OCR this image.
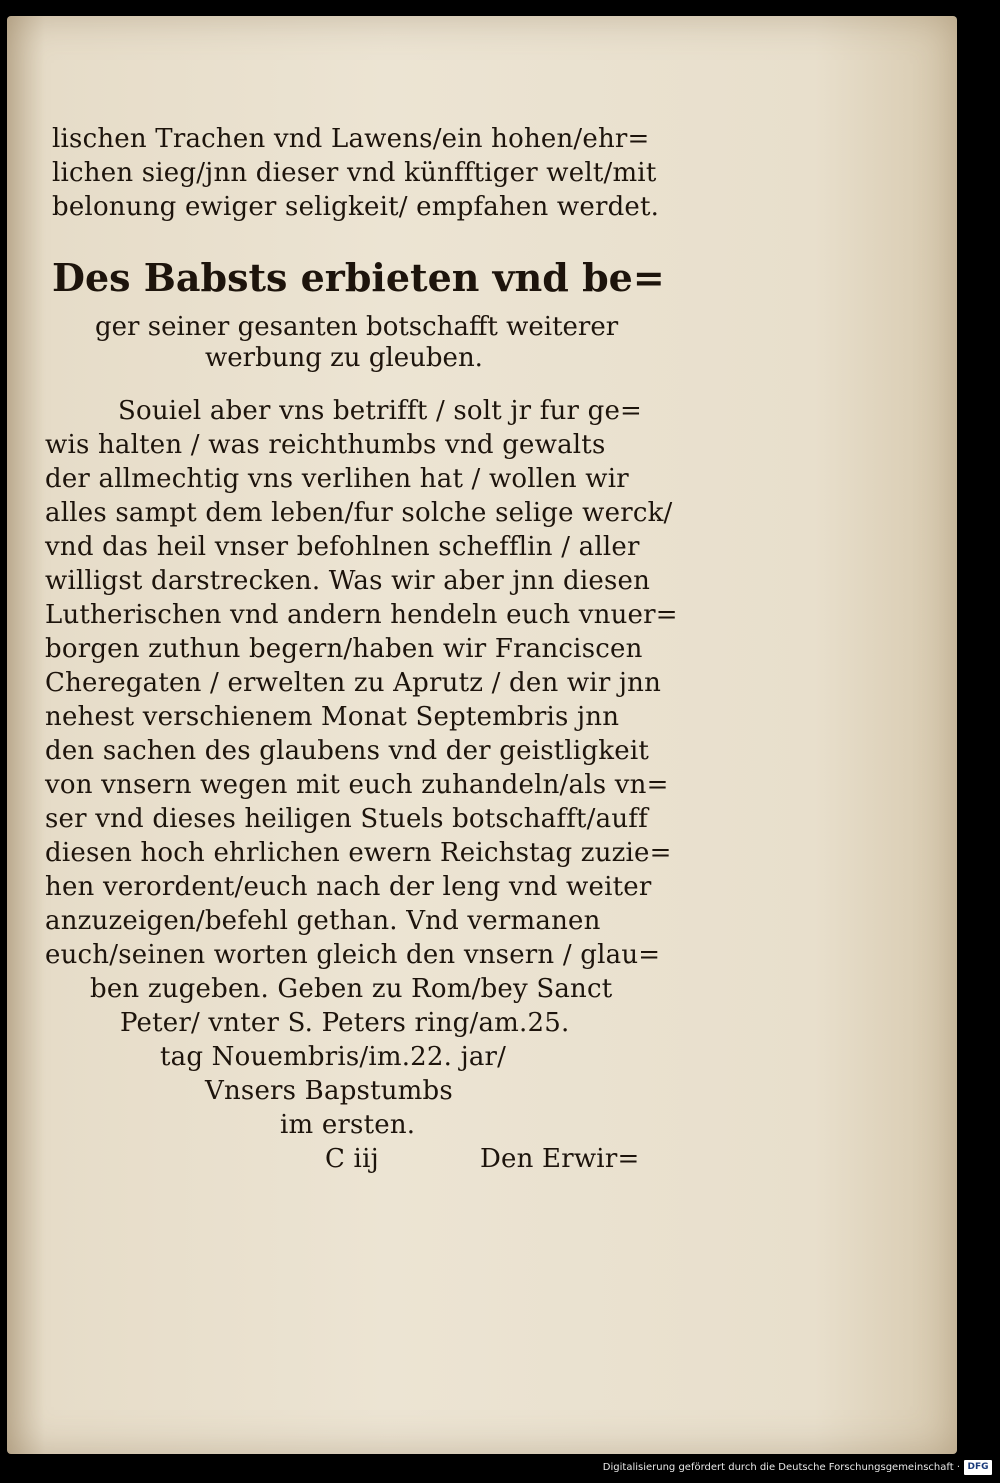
lischen Trachen vnd Lawens/ein hohen/ehr=
lichen sieg/jnn dieser vnd künfftiger welt/mit
belonung ewiger seligkeit/ empfahen werdet.
Des Babsts erbieten vnd be=
ger seiner gesanten botschafft weiterer
werbung zu gleuben.
Souiel aber vns betrifft / solt jr fur ge=
wis halten / was reichthumbs vnd gewalts
der allmechtig vns verlihen hat / wollen wir
alles sampt dem leben/fur solche selige werck/
vnd das heil vnser befohlnen schefflin / aller
willigst darstrecken. Was wir aber jnn diesen
Lutherischen vnd andern hendeln euch vnuer=
borgen zuthun begern/haben wir Franciscen
Cheregaten / erwelten zu Aprutz / den wir jnn
nehest verschienem Monat Septembris jnn
den sachen des glaubens vnd der geistligkeit
von vnsern wegen mit euch zuhandeln/als vn=
ser vnd dieses heiligen Stuels botschafft/auff
diesen hoch ehrlichen ewern Reichstag zuzie=
hen verordent/euch nach der leng vnd weiter
anzuzeigen/befehl gethan. Vnd vermanen
euch/seinen worten gleich den vnsern / glau=
ben zugeben. Geben zu Rom/bey Sanct
Peter/ vnter S. Peters ring/am.25.
tag Nouembris/im.22. jar/
Vnsers Bapstumbs
im ersten.
C iij	Den Erwir=
Digitalisierung gefördert durch die Deutsche Forschungsgemeinschaft · DFG
